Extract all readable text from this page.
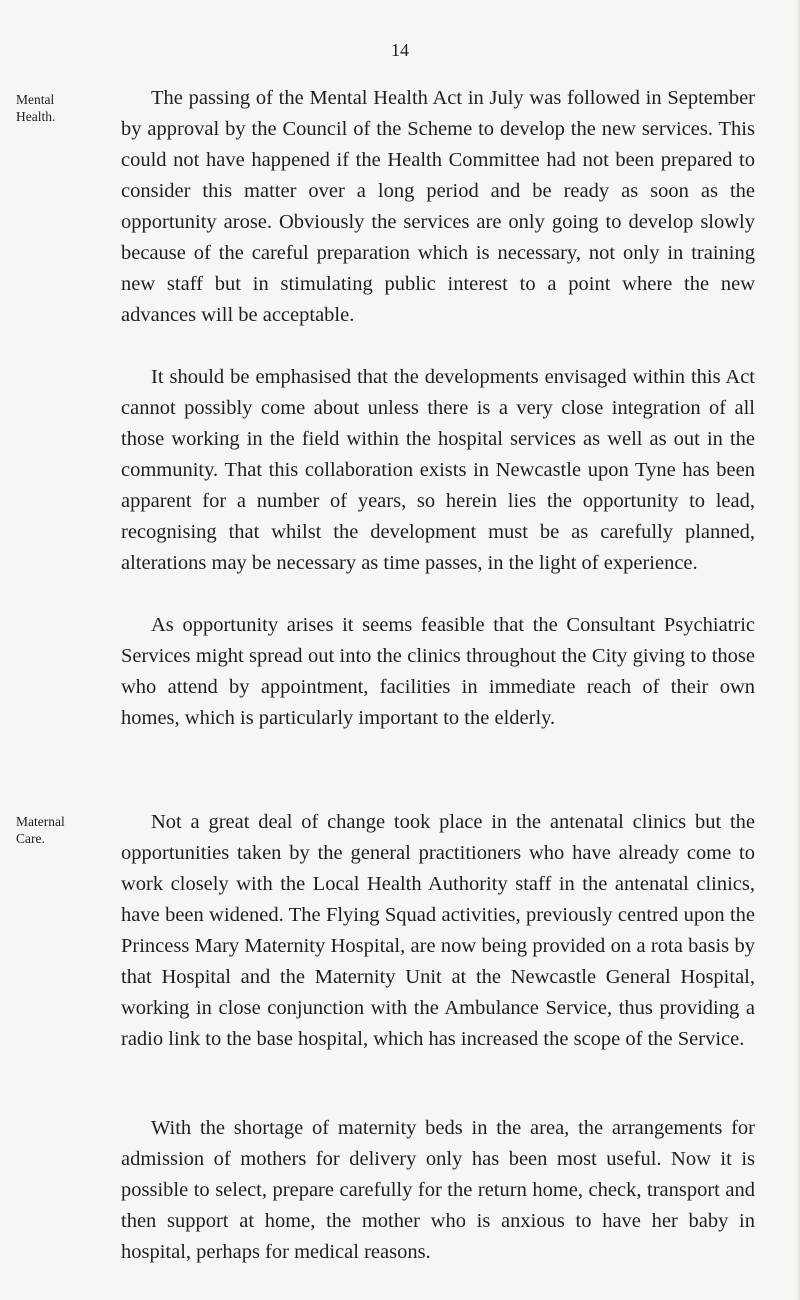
14
Mental Health.
Maternal Care.

The passing of the Mental Health Act in July was followed in September by approval by the Council of the Scheme to develop the new services. This could not have happened if the Health Committee had not been prepared to consider this matter over a long period and be ready as soon as the opportunity arose. Obviously the services are only going to develop slowly because of the careful preparation which is necessary, not only in training new staff but in stimulating public interest to a point where the new advances will be acceptable.

It should be emphasised that the developments envisaged within this Act cannot possibly come about unless there is a very close integration of all those working in the field within the hospital services as well as out in the community. That this collaboration exists in Newcastle upon Tyne has been apparent for a number of years, so herein lies the opportunity to lead, recognising that whilst the development must be as carefully planned, alterations may be necessary as time passes, in the light of experience.

As opportunity arises it seems feasible that the Consultant Psychiatric Services might spread out into the clinics throughout the City giving to those who attend by appointment, facilities in immediate reach of their own homes, which is particularly important to the elderly.

Not a great deal of change took place in the antenatal clinics but the opportunities taken by the general practitioners who have already come to work closely with the Local Health Authority staff in the antenatal clinics, have been widened. The Flying Squad activities, previously centred upon the Princess Mary Maternity Hospital, are now being provided on a rota basis by that Hospital and the Maternity Unit at the Newcastle General Hospital, working in close conjunction with the Ambulance Service, thus providing a radio link to the base hospital, which has increased the scope of the Service.

With the shortage of maternity beds in the area, the arrangements for admission of mothers for delivery only has been most useful. Now it is possible to select, prepare carefully for the return home, check, transport and then support at home, the mother who is anxious to have her baby in hospital, perhaps for medical reasons.
